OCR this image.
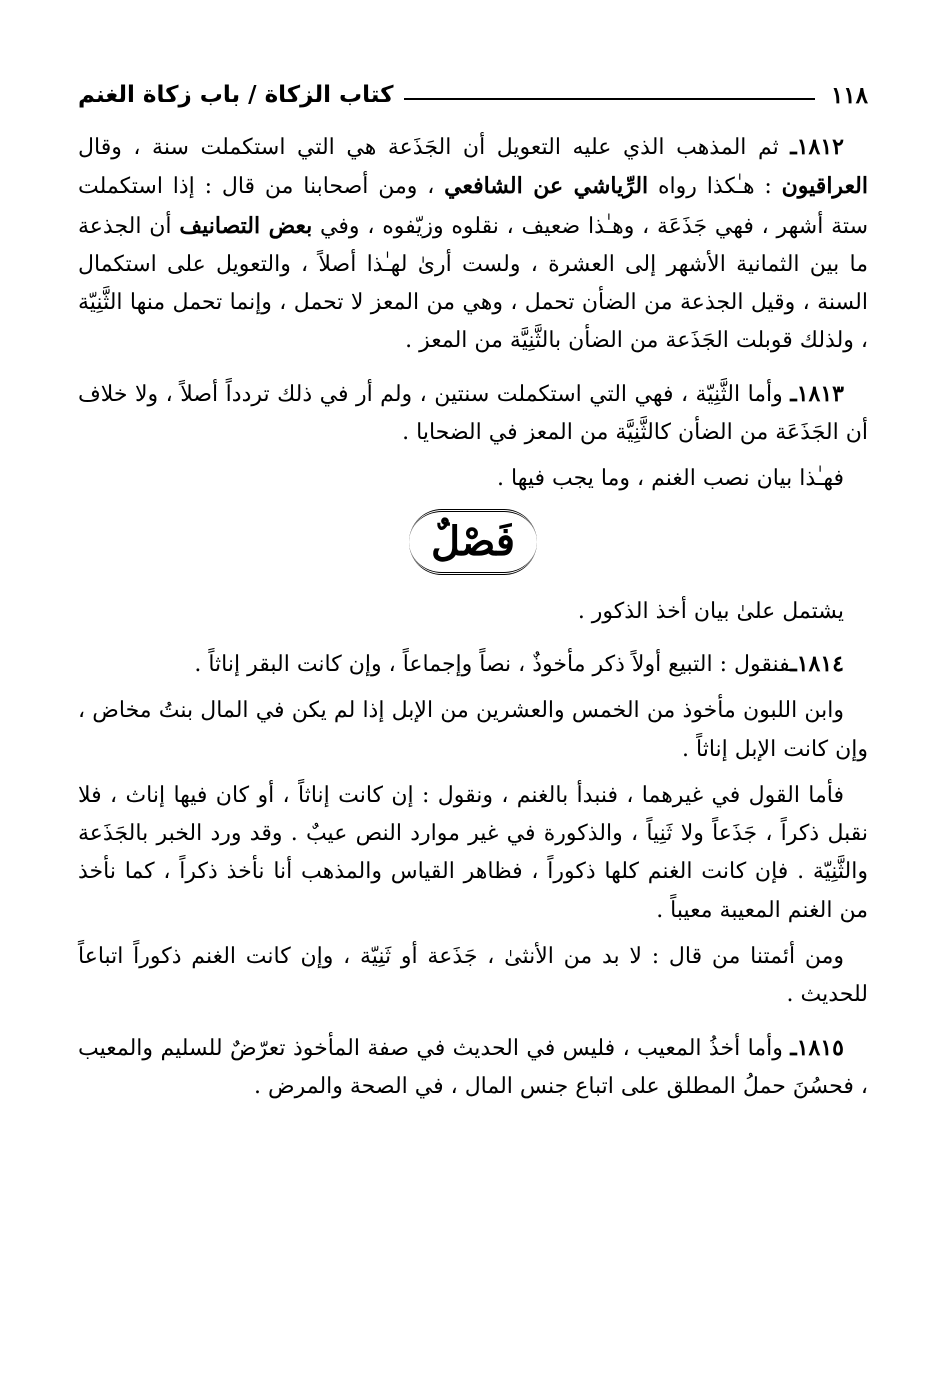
١١٨
كتاب الزكاة / باب زكاة الغنم

١٨١٢ـ ثم المذهب الذي عليه التعويل أن الجَذَعة هي التي استكملت سنة ، وقال العراقيون : هـٰكذا رواه الرِّياشي عن الشافعي ، ومن أصحابنا من قال : إذا استكملت ستة أشهر ، فهي جَذَعَة ، وهـٰذا ضعيف ، نقلوه وزيّفوه ، وفي بعض التصانيف أن الجذعة ما بين الثمانية الأشهر إلى العشرة ، ولست أرىٰ لهـٰذا أصلاً ، والتعويل على استكمال السنة ، وقيل الجذعة من الضأن تحمل ، وهي من المعز لا تحمل ، وإنما تحمل منها الثَّنِيّة ، ولذلك قوبلت الجَذَعة من الضأن بالثَّنِيَّة من المعز .

١٨١٣ـ وأما الثَّنِيّة ، فهي التي استكملت سنتين ، ولم أر في ذلك تردداً أصلاً ، ولا خلاف أن الجَذَعَة من الضأن كالثَّنِيَّة من المعز في الضحايا .

فهـٰذا بيان نصب الغنم ، وما يجب فيها .

فَصْلٌ

يشتمل علىٰ بيان أخذ الذكور .

١٨١٤ـفنقول : التبيع أولاً ذكر مأخوذٌ ، نصاً وإجماعاً ، وإن كانت البقر إناثاً .

وابن اللبون مأخوذ من الخمس والعشرين من الإبل إذا لم يكن في المال بنتُ مخاض ، وإن كانت الإبل إناثاً .

فأما القول في غيرهما ، فنبدأ بالغنم ، ونقول : إن كانت إناثاً ، أو كان فيها إناث ، فلا نقبل ذكراً ، جَذَعاً ولا ثَنِياً ، والذكورة في غير موارد النص عيبٌ . وقد ورد الخبر بالجَذَعة والثَّنِيّة . فإن كانت الغنم كلها ذكوراً ، فظاهر القياس والمذهب أنا نأخذ ذكراً ، كما نأخذ من الغنم المعيبة معيباً .

ومن أئمتنا من قال : لا بد من الأنثىٰ ، جَذَعة أو ثَنِيّة ، وإن كانت الغنم ذكوراً اتباعاً للحديث .

١٨١٥ـ وأما أخذُ المعيب ، فليس في الحديث في صفة المأخوذ تعرّضٌ للسليم والمعيب ، فحسُنَ حملُ المطلق على اتباع جنس المال ، في الصحة والمرض .
